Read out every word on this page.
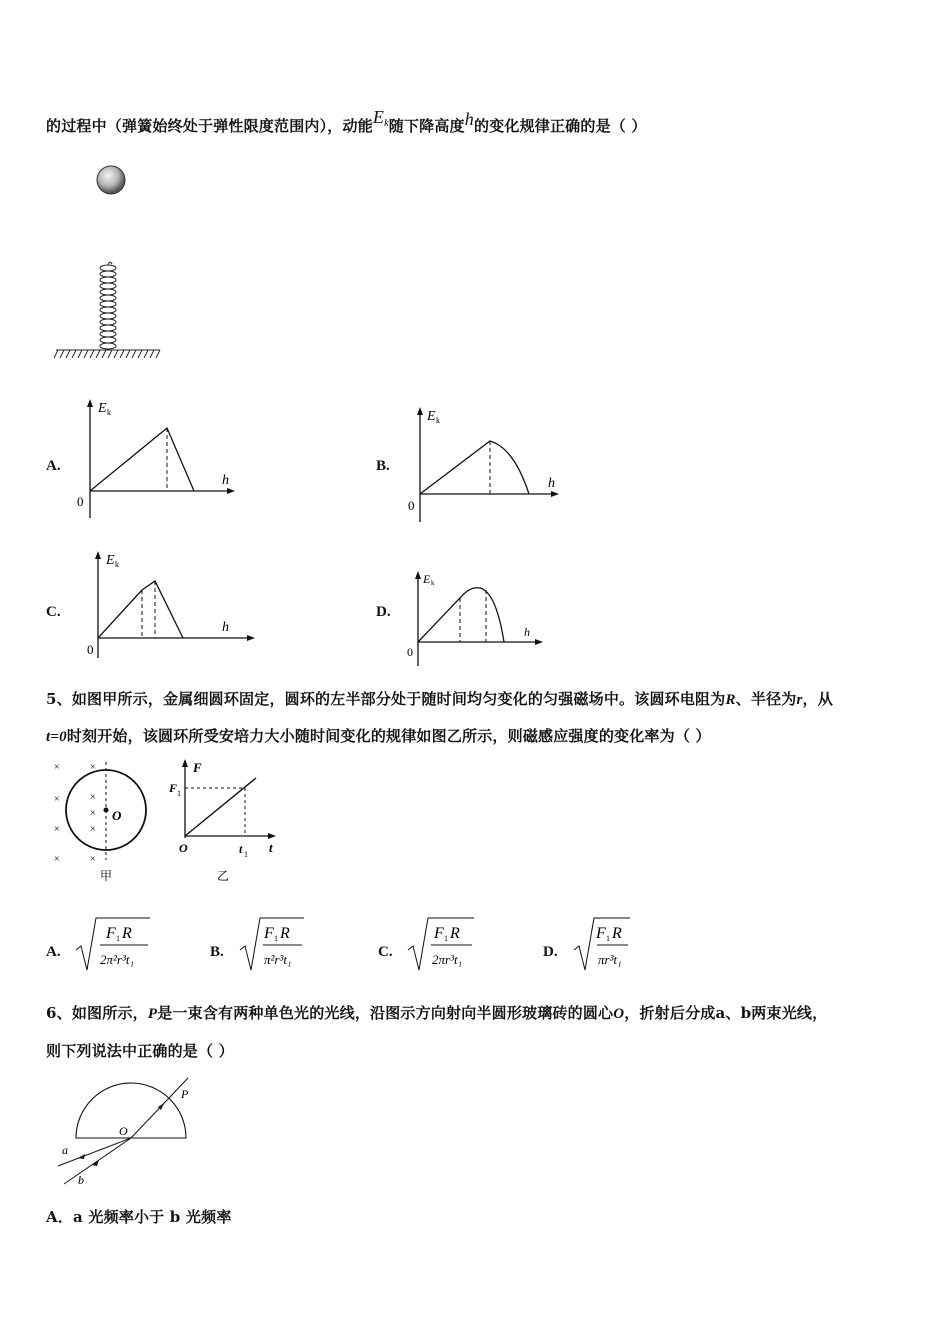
的过程中（弹簧始终处于弹性限度范围内），动能$E^k$随下降高度h的变化规律正确的是（ ）
A.	B.
C.	D.
E k
h
0
E k
h
0
E k
h
0
E k
h
0
5、如图甲所示，金属细圆环固定，圆环的左半部分处于随时间均匀变化的匀强磁场中。该圆环电阻为R、半径为r，从
t=0时刻开始，该圆环所受安培力大小随时间变化的规律如图乙所示，则磁感应强度的变化率为（ ）
O
×	×
×	×
×
×	×
×	×
甲
F
F 1
t
t 1
O
乙
A.	B.	C.	D.
F 1 R
2π²r³t₁
F 1 R
π²r³t₁
F 1 R
2πr³t₁
F 1 R
πr³t₁
6、如图所示，P是一束含有两种单色光的光线，沿图示方向射向半圆形玻璃砖的圆心O，折射后分成a、b两束光线，
则下列说法中正确的是（ ）
P
O
a
b
A．a 光频率小于 b 光频率
